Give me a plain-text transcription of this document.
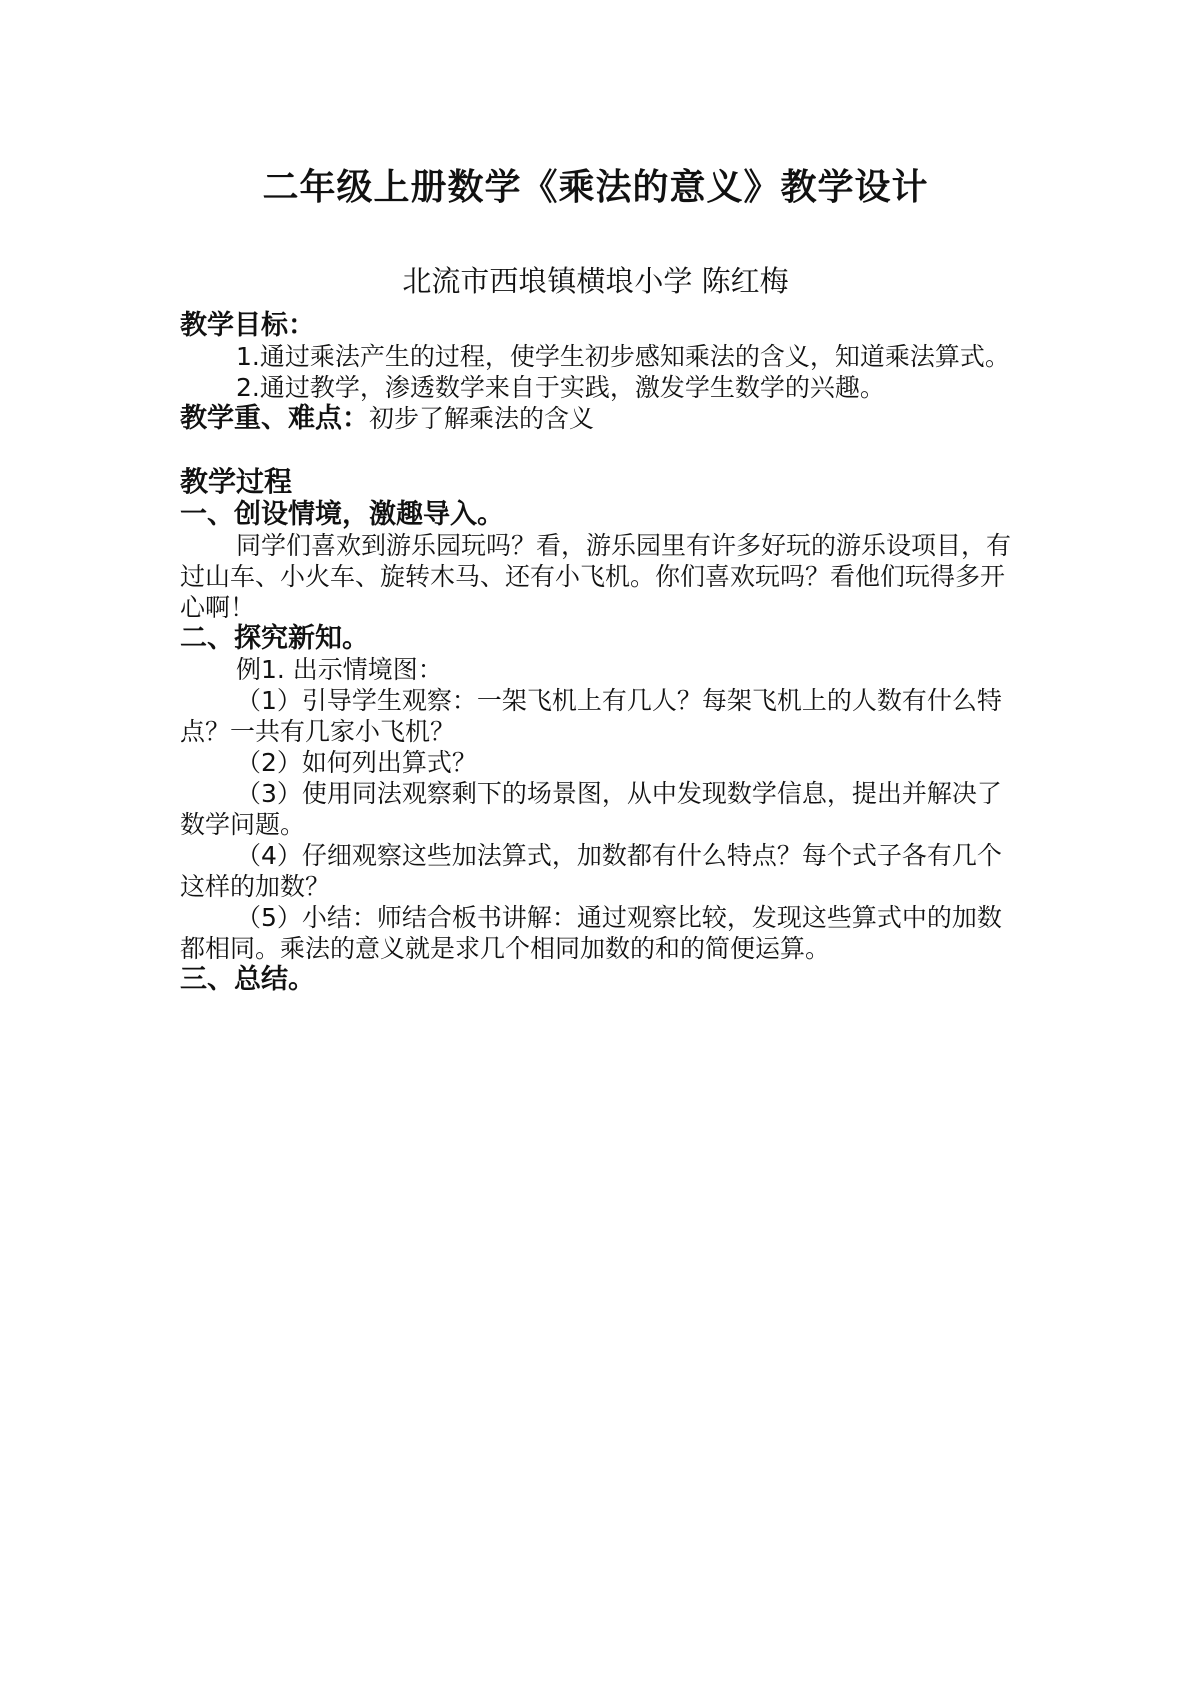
二年级上册数学《乘法的意义》教学设计
北流市西埌镇横埌小学 陈红梅

教学目标：

1.通过乘法产生的过程，使学生初步感知乘法的含义，知道乘法算式。

2.通过教学，渗透数学来自于实践，激发学生数学的兴趣。

教学重、难点：初步了解乘法的含义

教学过程

一、创设情境，激趣导入。

同学们喜欢到游乐园玩吗？看，游乐园里有许多好玩的游乐设项目，有过山车、小火车、旋转木马、还有小飞机。你们喜欢玩吗？看他们玩得多开心啊！

二、探究新知。

例1. 出示情境图：

（1）引导学生观察：一架飞机上有几人？每架飞机上的人数有什么特点？一共有几家小飞机？

（2）如何列出算式？

（3）使用同法观察剩下的场景图，从中发现数学信息，提出并解决了数学问题。

（4）仔细观察这些加法算式，加数都有什么特点？每个式子各有几个这样的加数？

（5）小结：师结合板书讲解：通过观察比较，发现这些算式中的加数都相同。乘法的意义就是求几个相同加数的和的简便运算。

三、总结。
